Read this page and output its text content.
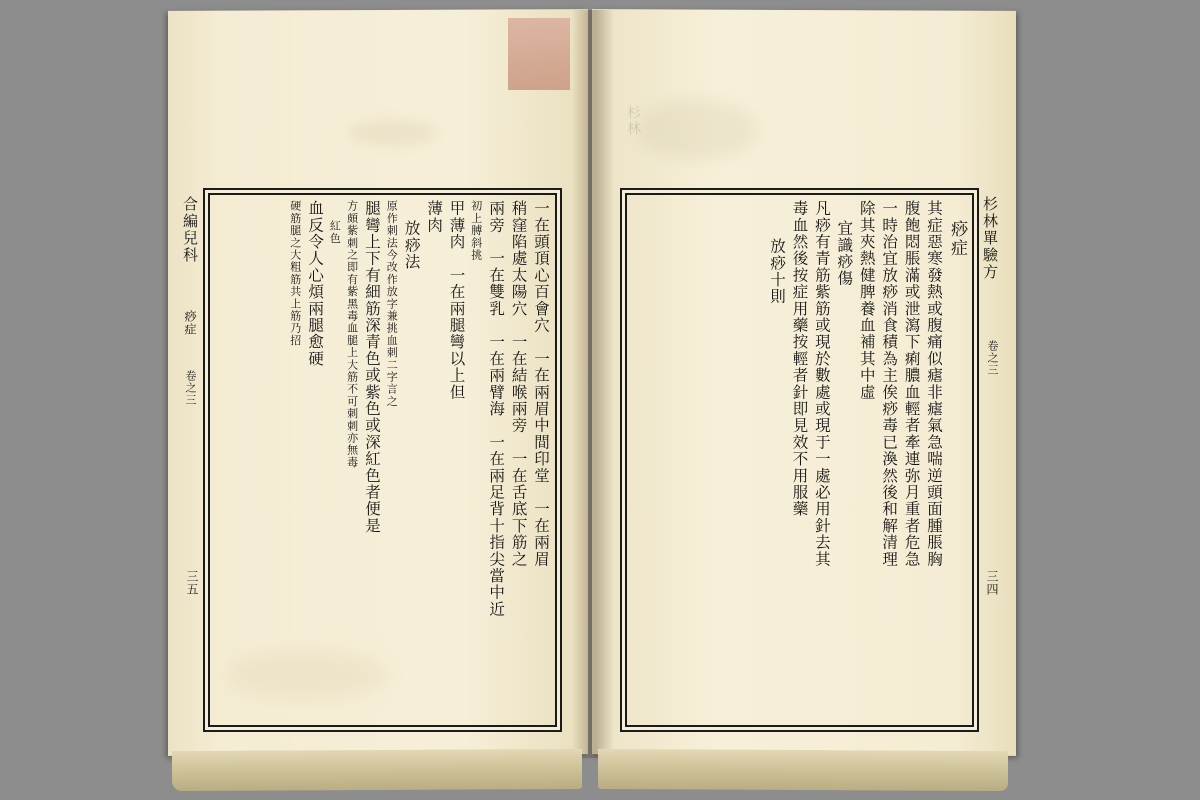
杉林單驗方
三四
痧症
其症惡寒發熱或腹痛似瘧非瘧氣急喘逆頭面腫脹胸
腹飽悶脹滿或泄瀉下痢膿血輕者牽連弥月重者危急
一時治宜放痧消食積為主俟痧毒已渙然後和解清理
除其夾熱健脾養血補其中虛
宜識痧傷
凡痧有青筋紫筋或現於數處或現于一處必用針去其
毒血然後按症用藥按輕者針即見效不用服藥
放痧十則
合編兒科
三五
一在頭頂心百會穴　一在兩眉中間印堂　一在兩眉
稍窪陷處太陽穴　一在結喉兩旁　一在舌底下筋之
兩旁　一在雙乳　一在兩臂海　一在兩足背十指尖當中近
初上膊斜挑
甲薄肉　一在兩腿彎以上但
薄肉
放痧法
原作刺法今改作放字兼挑血刺二字言之
腿彎上下有細筋深青色或紫色或深紅色者便是
方頗紫刺之即有紫黑毒血腿上大筋不可刺刺亦無毒
紅色
血反令人心煩兩腿愈硬
硬筋腿之大粗筋共上筋乃招
痧症
卷之三
卷之三
